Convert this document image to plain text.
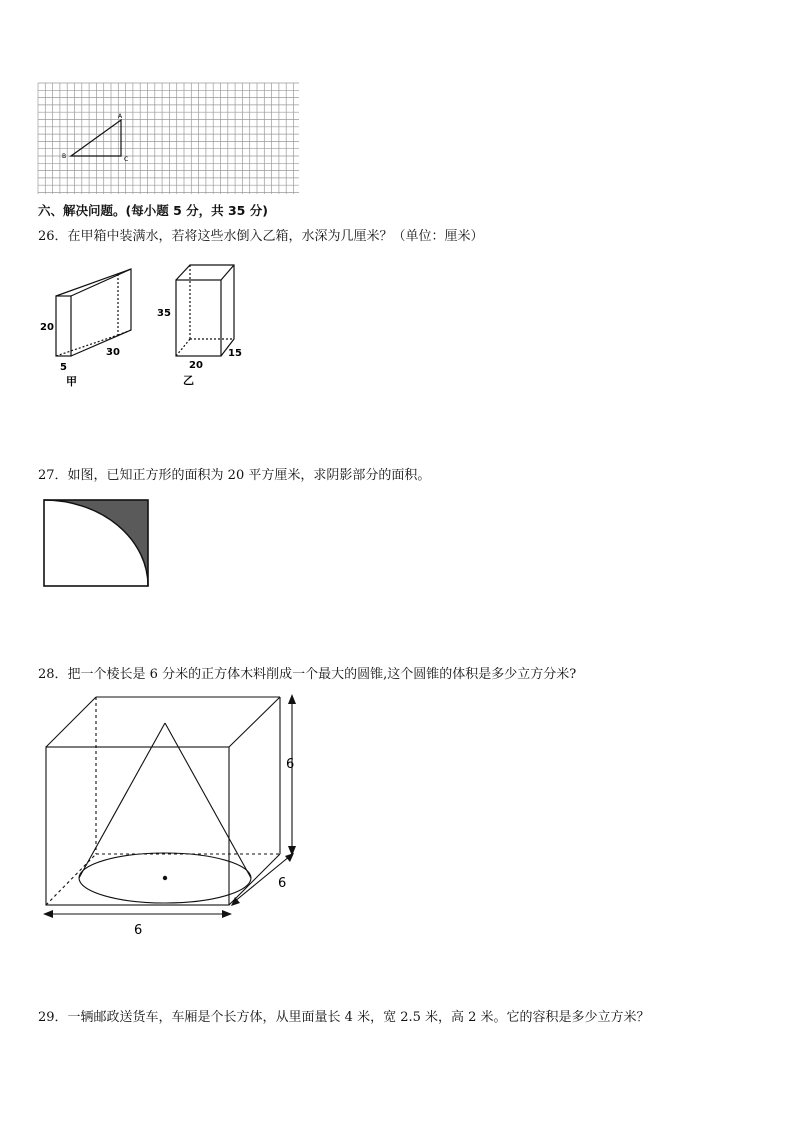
A
B	C
六、解决问题。(每小题 5 分，共 35 分)
26．在甲箱中装满水，若将这些水倒入乙箱，水深为几厘米？（单位：厘米）
20
30
5
甲
35
20
15
乙
27．如图，已知正方形的面积为 20 平方厘米，求阴影部分的面积。
28．把一个棱长是 6 分米的正方体木料削成一个最大的圆锥,这个圆锥的体积是多少立方分米?
6
6
6
29．一辆邮政送货车，车厢是个长方体，从里面量长 4 米，宽 2.5 米，高 2 米。它的容积是多少立方米？
